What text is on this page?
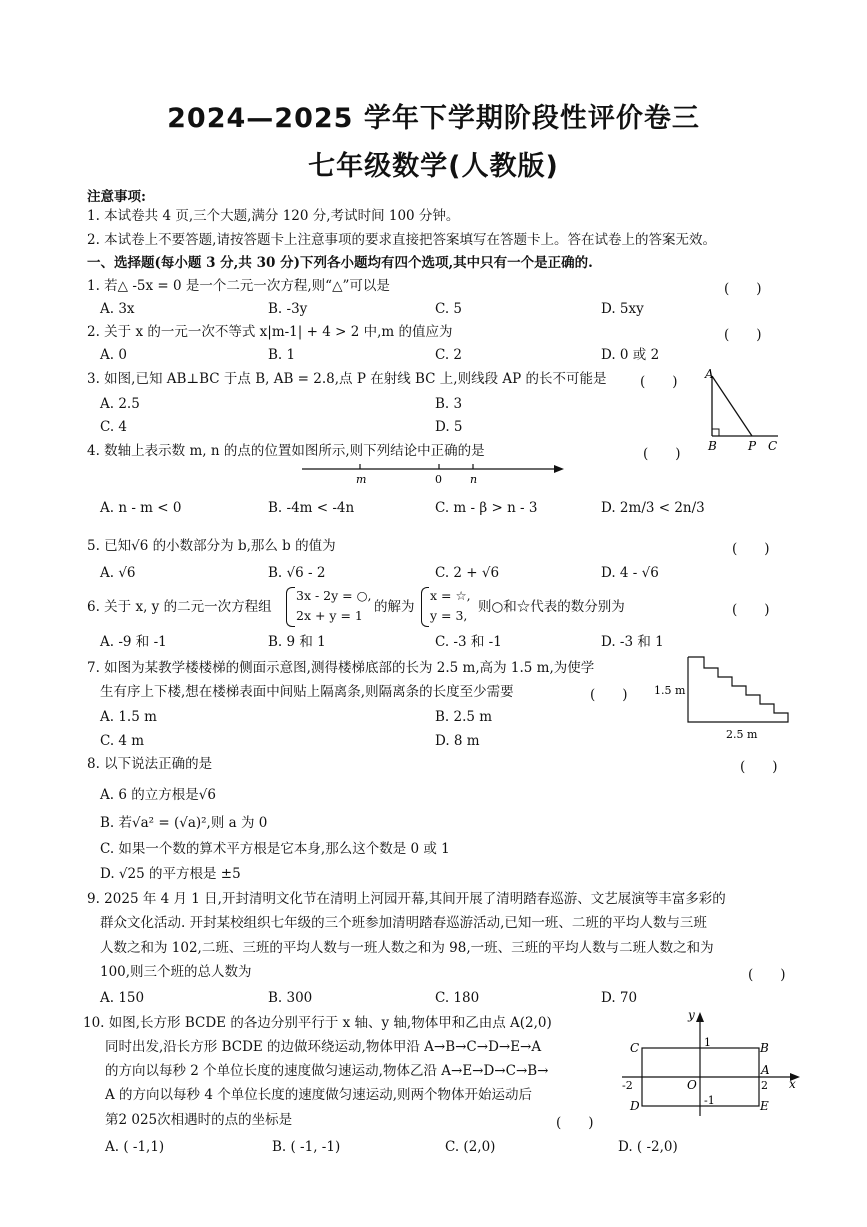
2024—2025 学年下学期阶段性评价卷三
七年级数学(人教版)
注意事项:
1. 本试卷共 4 页,三个大题,满分 120 分,考试时间 100 分钟。
2. 本试卷上不要答题,请按答题卡上注意事项的要求直接把答案填写在答题卡上。答在试卷上的答案无效。
一、选择题(每小题 3 分,共 30 分)下列各小题均有四个选项,其中只有一个是正确的.
1. 若△ -5x = 0 是一个二元一次方程,则“△”可以是	(　　)
A. 3x	B. -3y	C. 5	D. 5xy
2. 关于 x 的一元一次不等式 x|m-1| + 4 > 2 中,m 的值应为	(　　)
A. 0	B. 1	C. 2	D. 0 或 2
3. 如图,已知 AB⊥BC 于点 B, AB = 2.8,点 P 在射线 BC 上,则线段 AP 的长不可能是 (　　)
A. 2.5	B. 3
C. 4	D. 5
A
B	P C
4. 数轴上表示数 m, n 的点的位置如图所示,则下列结论中正确的是	(　　)
m	0	n
A. n - m < 0	B. -4m < -4n	C. m - β > n - 3	D. 2m/3 < 2n/3
5. 已知√6 的小数部分为 b,那么 b 的值为	(　　)
A. √6	B. √6 - 2	C. 2 + √6	D. 4 - √6
6. 关于 x, y 的二元一次方程组
3x - 2y = ○,
2x + y = 1
的解为
x = ☆,
y = 3,
则○和☆代表的数分别为	(　　)
A. -9 和 -1	B. 9 和 1	C. -3 和 -1	D. -3 和 1
7. 如图为某教学楼楼梯的侧面示意图,测得楼梯底部的长为 2.5 m,高为 1.5 m,为使学
生有序上下楼,想在楼梯表面中间贴上隔离条,则隔离条的长度至少需要	(　　)
A. 1.5 m	B. 2.5 m
C. 4 m	D. 8 m
1.5 m
2.5 m
8. 以下说法正确的是	(　　)
A. 6 的立方根是√6
B. 若√a² = (√a)²,则 a 为 0
C. 如果一个数的算术平方根是它本身,那么这个数是 0 或 1
D. √25 的平方根是 ±5
9. 2025 年 4 月 1 日,开封清明文化节在清明上河园开幕,其间开展了清明踏春巡游、文艺展演等丰富多彩的
群众文化活动. 开封某校组织七年级的三个班参加清明踏春巡游活动,已知一班、二班的平均人数与三班
人数之和为 102,二班、三班的平均人数与一班人数之和为 98,一班、三班的平均人数与二班人数之和为
100,则三个班的总人数为	(　　)
A. 150	B. 300	C. 180	D. 70
10. 如图,长方形 BCDE 的各边分别平行于 x 轴、y 轴,物体甲和乙由点 A(2,0)
同时出发,沿长方形 BCDE 的边做环绕运动,物体甲沿 A→B→C→D→E→A
的方向以每秒 2 个单位长度的速度做匀速运动,物体乙沿 A→E→D→C→B→
A 的方向以每秒 4 个单位长度的速度做匀速运动,则两个物体开始运动后
第2 025次相遇时的点的坐标是	(　　)
A. ( -1,1)	B. ( -1, -1)	C. (2,0)	D. ( -2,0)
y
x
C	B
D	E
A
O
1
-1
2
-2
